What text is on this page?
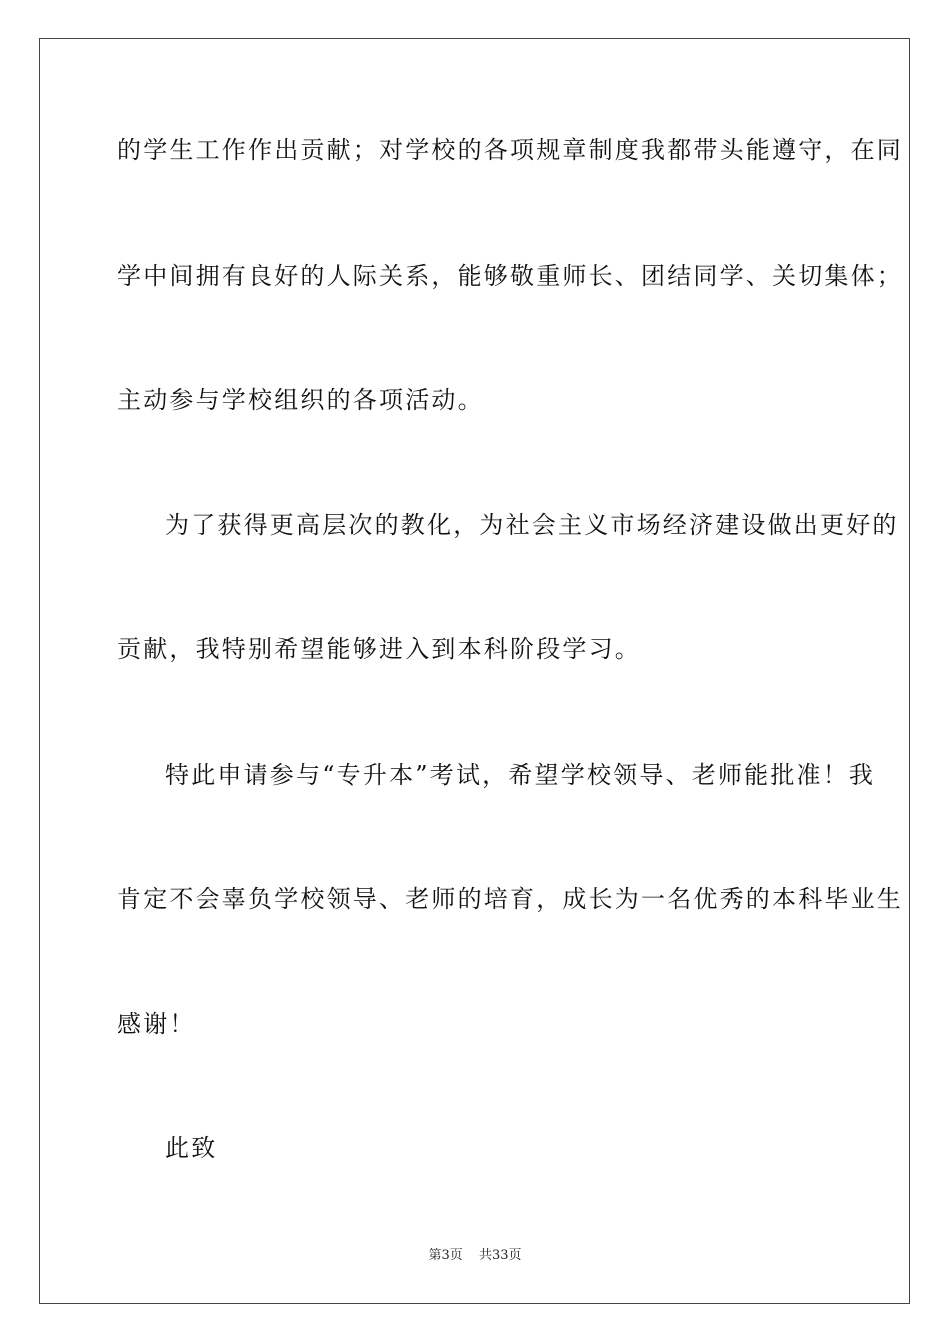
的学生工作作出贡献；对学校的各项规章制度我都带头能遵守，在同
学中间拥有良好的人际关系，能够敬重师长、团结同学、关切集体；
主动参与学校组织的各项活动。
为了获得更高层次的教化，为社会主义市场经济建设做出更好的
贡献，我特别希望能够进入到本科阶段学习。
特此申请参与“专升本”考试，希望学校领导、老师能批准！我
肯定不会辜负学校领导、老师的培育，成长为一名优秀的本科毕业生
感谢！
此致
第3页 共33页
